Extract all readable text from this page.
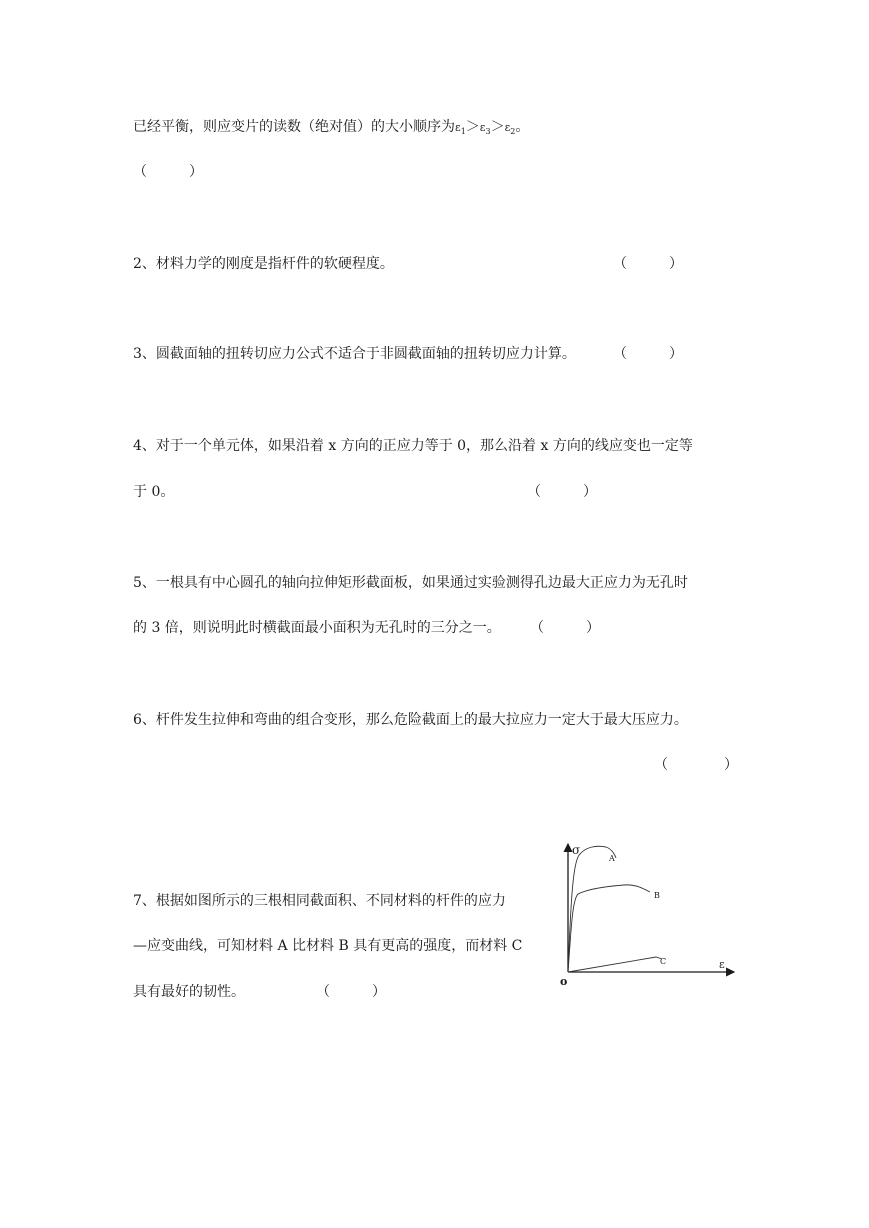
已经平衡，则应变片的读数（绝对值）的大小顺序为$\varepsilon_1>\varepsilon_3>\varepsilon_2$。
（　　　）
2、材料力学的刚度是指杆件的软硬程度。	（　　　）
3、圆截面轴的扭转切应力公式不适合于非圆截面轴的扭转切应力计算。	（　　　）
4、对于一个单元体，如果沿着 x 方向的正应力等于 0，那么沿着 x 方向的线应变也一定等
于 0。	（　　　）
5、一根具有中心圆孔的轴向拉伸矩形截面板，如果通过实验测得孔边最大正应力为无孔时
的 3 倍，则说明此时横截面最小面积为无孔时的三分之一。 （　　　）
6、杆件发生拉伸和弯曲的组合变形，那么危险截面上的最大拉应力一定大于最大压应力。
（　　　　）
7、根据如图所示的三根相同截面积、不同材料的杆件的应力
—应变曲线，可知材料 A 比材料 B 具有更高的强度，而材料 C
具有最好的韧性。	（　　　）
σ
ε
o
A
B
C
